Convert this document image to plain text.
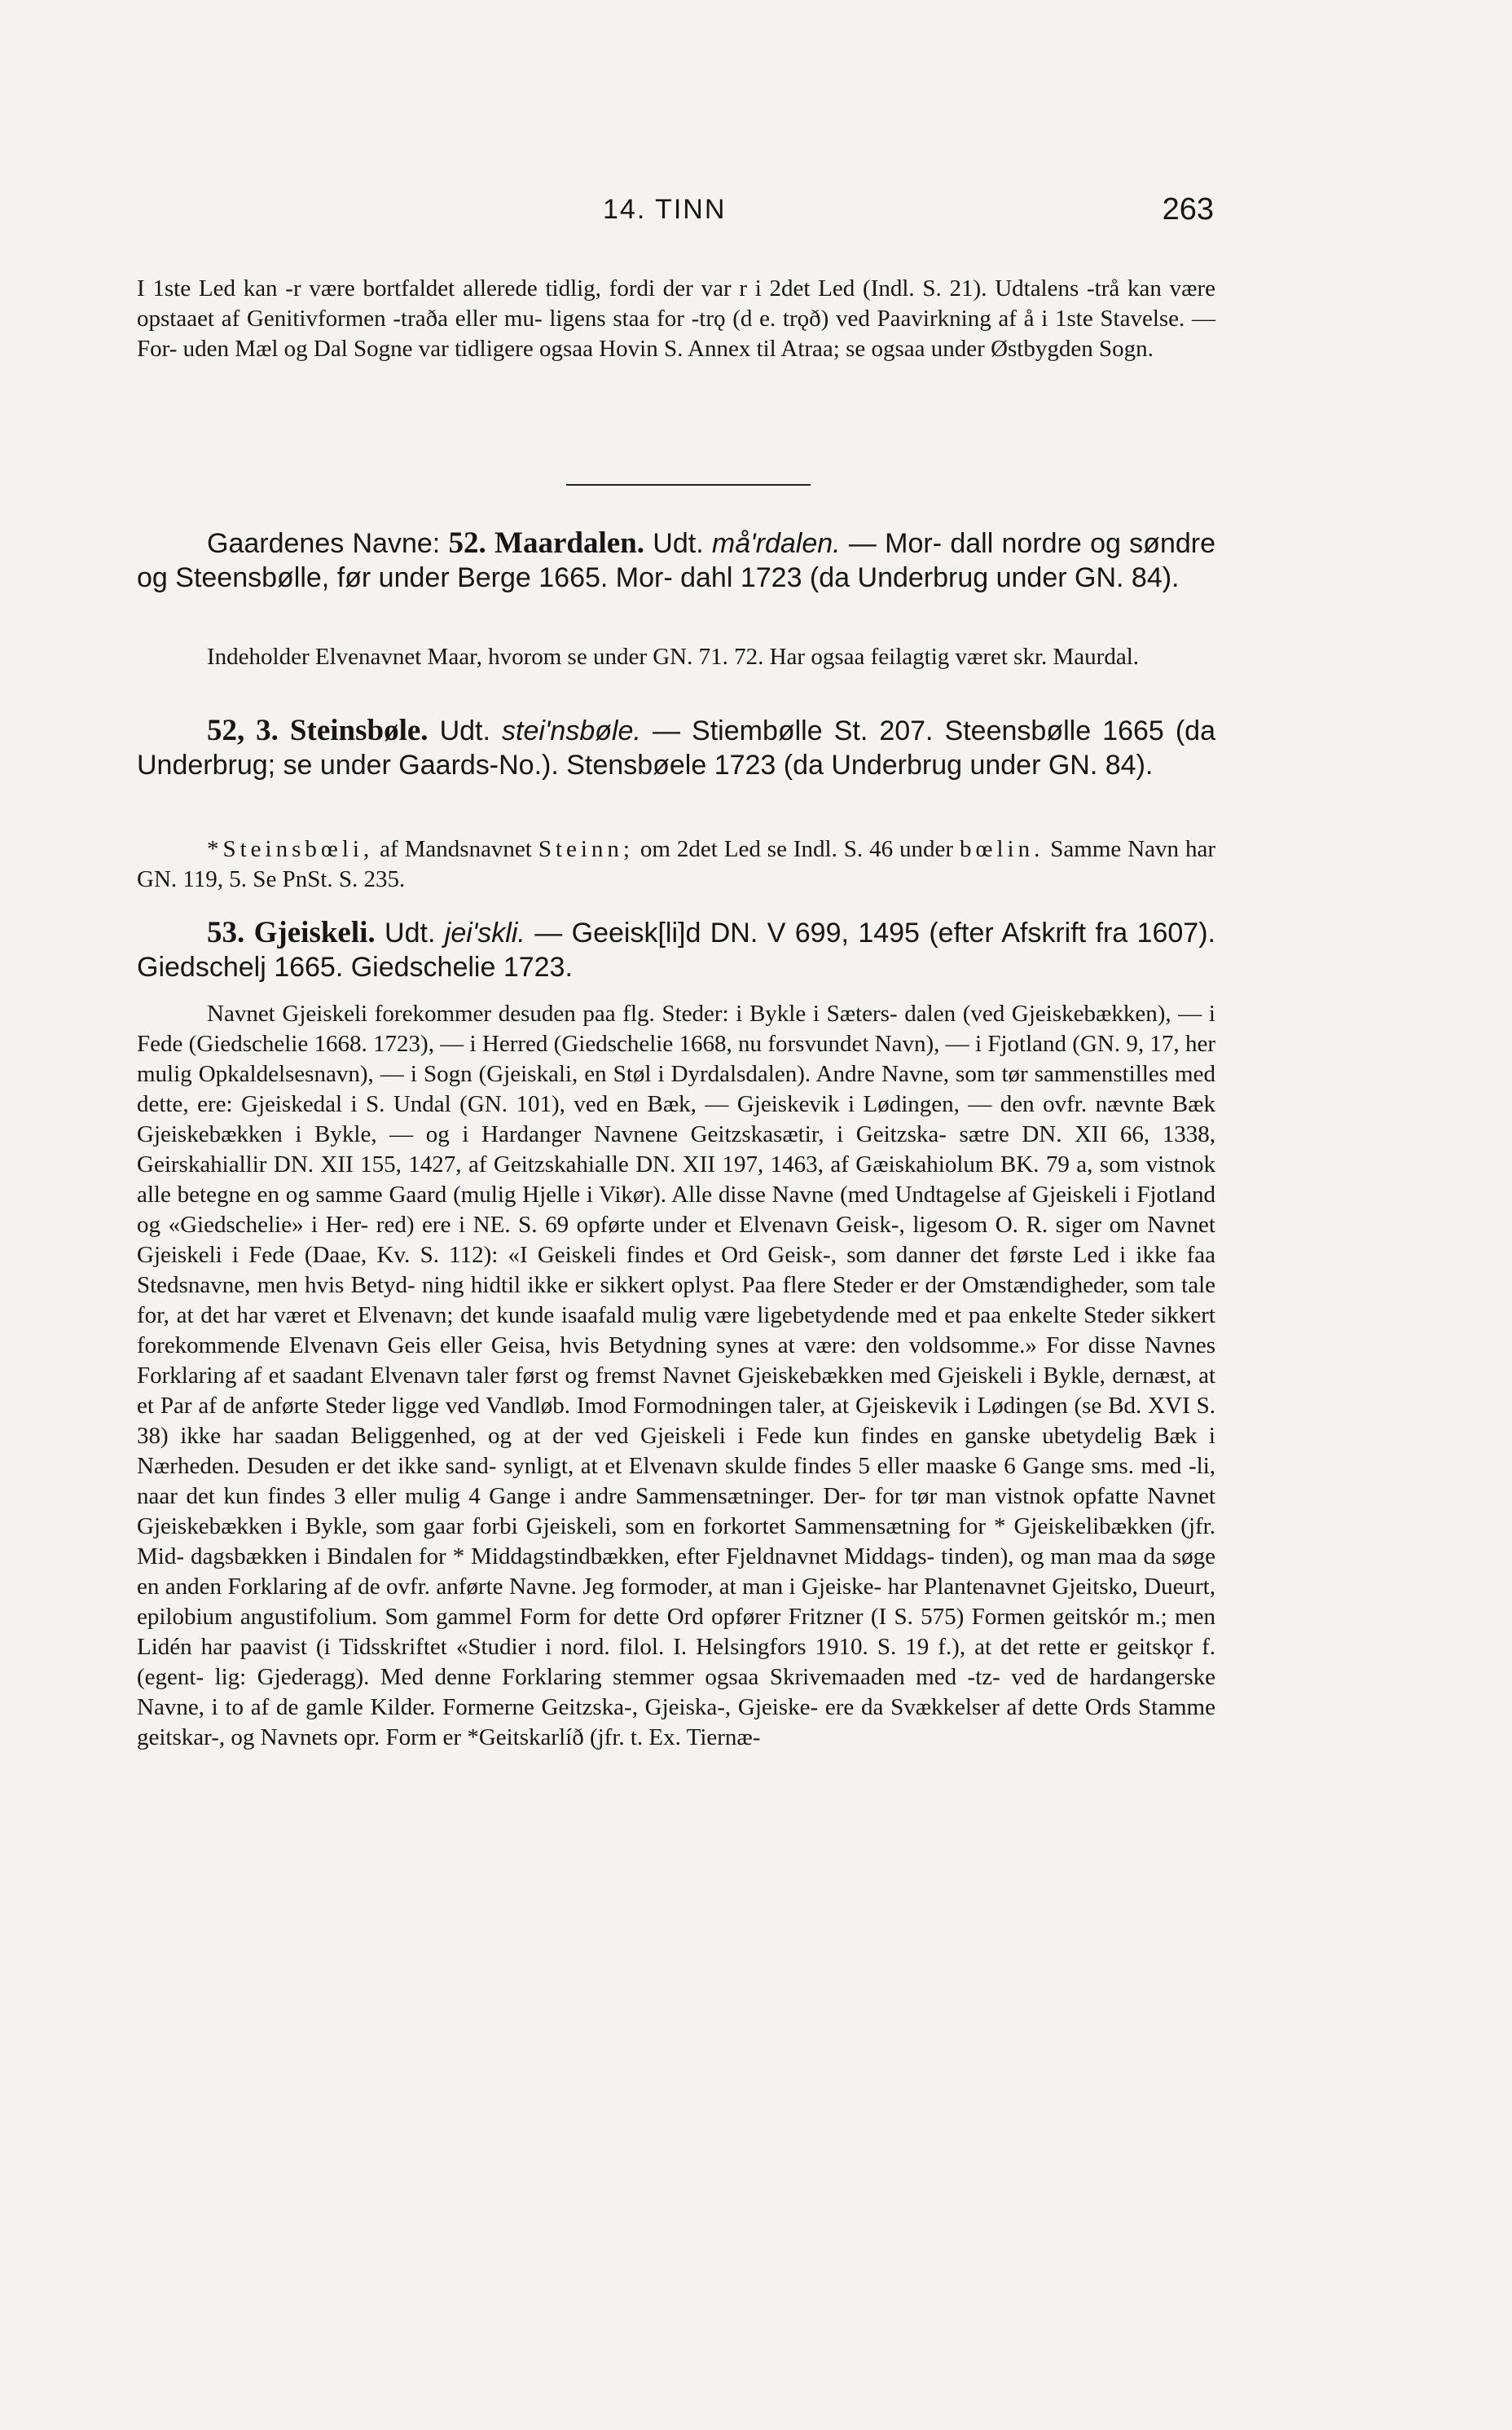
14. TINN	263
I 1ste Led kan -r være bortfaldet allerede tidlig, fordi der var r i 2det Led (Indl. S. 21). Udtalens -trå kan være opstaaet af Genitivformen -traða eller mu- ligens staa for -trǫ (d e. trǫð) ved Paavirkning af å i 1ste Stavelse. — For- uden Mæl og Dal Sogne var tidligere ogsaa Hovin S. Annex til Atraa; se ogsaa under Østbygden Sogn.
Gaardenes Navne: 52. Maardalen. Udt. må'rdalen. — Mor- dall nordre og søndre og Steensbølle, før under Berge 1665. Mor- dahl 1723 (da Underbrug under GN. 84).
Indeholder Elvenavnet Maar, hvorom se under GN. 71. 72. Har ogsaa feilagtig været skr. Maurdal.
52, 3. Steinsbøle. Udt. stei'nsbøle. — Stiembølle St. 207. Steensbølle 1665 (da Underbrug; se under Gaards-No.). Stensbøele 1723 (da Underbrug under GN. 84).
*Steinsbœli, af Mandsnavnet Steinn; om 2det Led se Indl. S. 46 under bœlin. Samme Navn har GN. 119, 5. Se PnSt. S. 235.
53. Gjeiskeli. Udt. jei'skli. — Geeisk[li]d DN. V 699, 1495 (efter Afskrift fra 1607). Giedschelj 1665. Giedschelie 1723.
Navnet Gjeiskeli forekommer desuden paa flg. Steder: i Bykle i Sæters- dalen (ved Gjeiskebækken), — i Fede (Giedschelie 1668. 1723), — i Herred (Giedschelie 1668, nu forsvundet Navn), — i Fjotland (GN. 9, 17, her mulig Opkaldelsesnavn), — i Sogn (Gjeiskali, en Støl i Dyrdalsdalen). Andre Navne, som tør sammenstilles med dette, ere: Gjeiskedal i S. Undal (GN. 101), ved en Bæk, — Gjeiskevik i Lødingen, — den ovfr. nævnte Bæk Gjeiskebækken i Bykle, — og i Hardanger Navnene Geitzskasætir, i Geitzska- sætre DN. XII 66, 1338, Geirskahiallir DN. XII 155, 1427, af Geitzskahialle DN. XII 197, 1463, af Gæiskahiolum BK. 79 a, som vistnok alle betegne en og samme Gaard (mulig Hjelle i Vikør). Alle disse Navne (med Undtagelse af Gjeiskeli i Fjotland og «Giedschelie» i Her- red) ere i NE. S. 69 opførte under et Elvenavn Geisk-, ligesom O. R. siger om Navnet Gjeiskeli i Fede (Daae, Kv. S. 112): «I Geiskeli findes et Ord Geisk-, som danner det første Led i ikke faa Stedsnavne, men hvis Betyd- ning hidtil ikke er sikkert oplyst. Paa flere Steder er der Omstændigheder, som tale for, at det har været et Elvenavn; det kunde isaafald mulig være ligebetydende med et paa enkelte Steder sikkert forekommende Elvenavn Geis eller Geisa, hvis Betydning synes at være: den voldsomme.» For disse Navnes Forklaring af et saadant Elvenavn taler først og fremst Navnet Gjeiskebækken med Gjeiskeli i Bykle, dernæst, at et Par af de anførte Steder ligge ved Vandløb. Imod Formodningen taler, at Gjeiskevik i Lødingen (se Bd. XVI S. 38) ikke har saadan Beliggenhed, og at der ved Gjeiskeli i Fede kun findes en ganske ubetydelig Bæk i Nærheden. Desuden er det ikke sand- synligt, at et Elvenavn skulde findes 5 eller maaske 6 Gange sms. med -li, naar det kun findes 3 eller mulig 4 Gange i andre Sammensætninger. Der- for tør man vistnok opfatte Navnet Gjeiskebækken i Bykle, som gaar forbi Gjeiskeli, som en forkortet Sammensætning for * Gjeiskelibækken (jfr. Mid- dagsbækken i Bindalen for * Middagstindbækken, efter Fjeldnavnet Middags- tinden), og man maa da søge en anden Forklaring af de ovfr. anførte Navne. Jeg formoder, at man i Gjeiske- har Plantenavnet Gjeitsko, Dueurt, epilobium angustifolium. Som gammel Form for dette Ord opfører Fritzner (I S. 575) Formen geitskór m.; men Lidén har paavist (i Tidsskriftet «Studier i nord. filol. I. Helsingfors 1910. S. 19 f.), at det rette er geitskǫr f. (egent- lig: Gjederagg). Med denne Forklaring stemmer ogsaa Skrivemaaden med -tz- ved de hardangerske Navne, i to af de gamle Kilder. Formerne Geitzska-, Gjeiska-, Gjeiske- ere da Svækkelser af dette Ords Stamme geitskar-, og Navnets opr. Form er *Geitskarlíð (jfr. t. Ex. Tiernæ-
